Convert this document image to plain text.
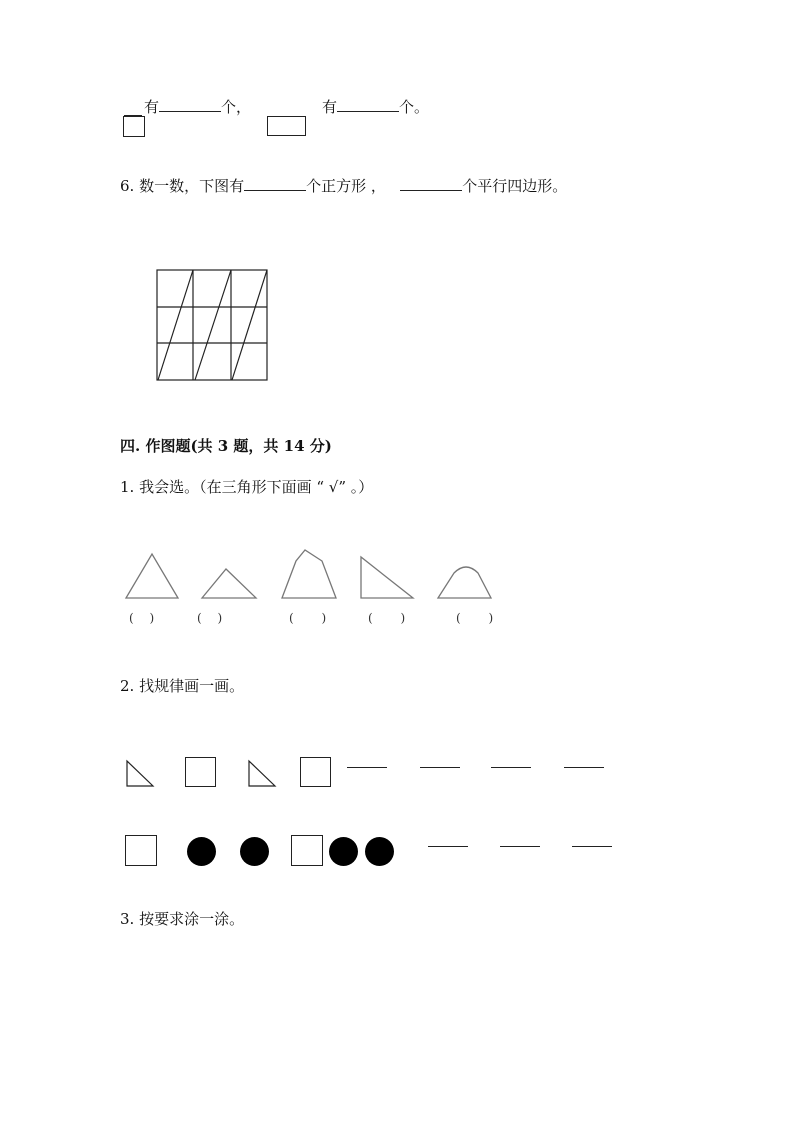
有	个，	有	个。
6. 数一数，下图有	个正方形 ，	个平行四边形。
四. 作图题(共 3 题，共 14 分)
1. 我会选。（在三角形下面画 “ √” 。）
(　 )	(　 )	(　　 )	(　　 )	(　　 )
2. 找规律画一画。
3. 按要求涂一涂。
